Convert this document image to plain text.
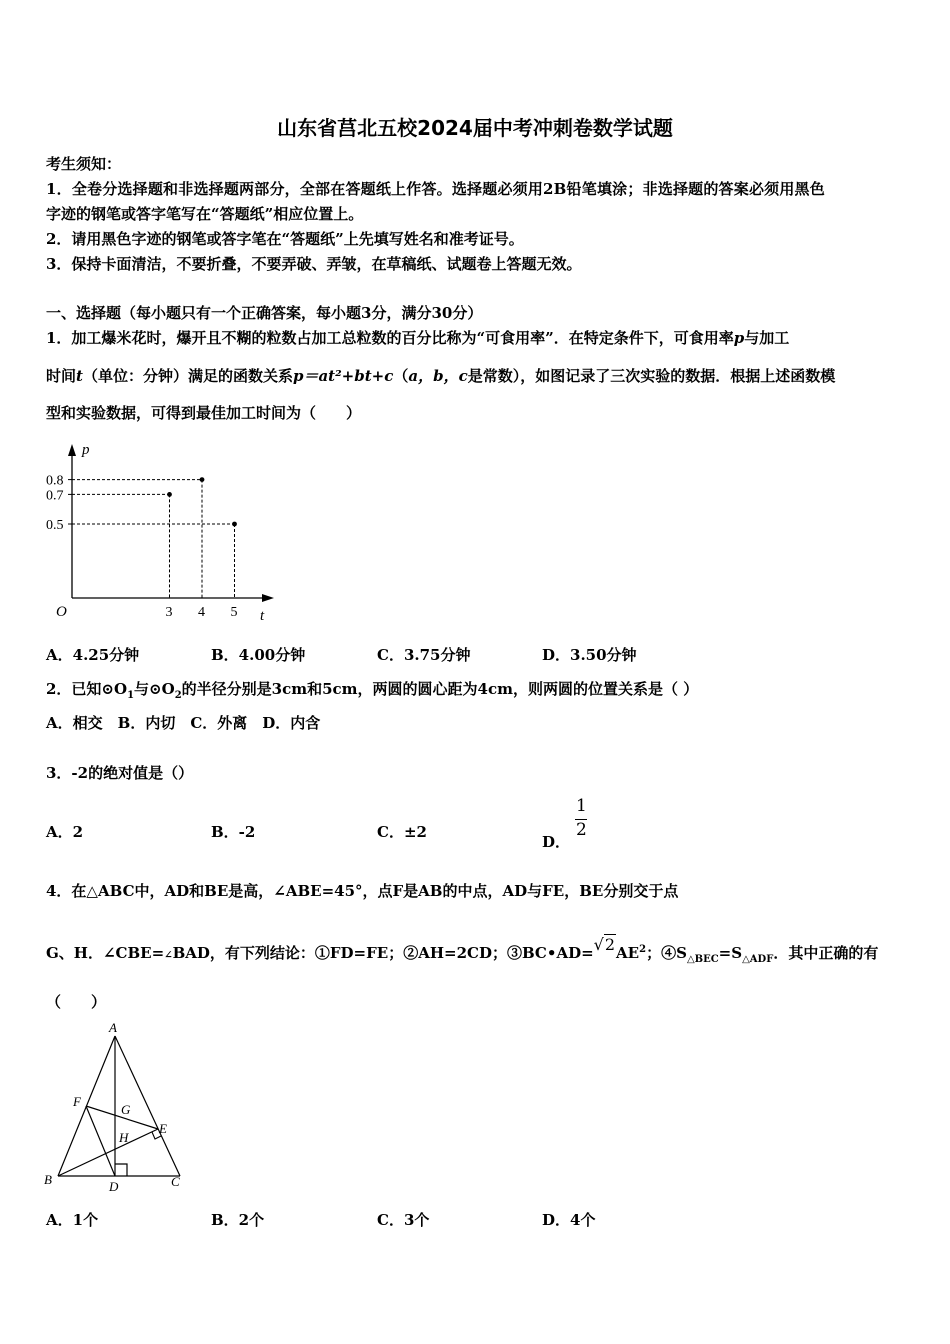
山东省莒北五校2024届中考冲刺卷数学试题
考生须知：
1．全卷分选择题和非选择题两部分，全部在答题纸上作答。选择题必须用2B铅笔填涂；非选择题的答案必须用黑色
字迹的钢笔或答字笔写在“答题纸”相应位置上。
2．请用黑色字迹的钢笔或答字笔在“答题纸”上先填写姓名和准考证号。
3．保持卡面清洁，不要折叠，不要弄破、弄皱，在草稿纸、试题卷上答题无效。
一、选择题（每小题只有一个正确答案，每小题3分，满分30分）
1．加工爆米花时，爆开且不糊的粒数占加工总粒数的百分比称为“可食用率”．在特定条件下，可食用率p与加工
时间t（单位：分钟）满足的函数关系p＝at²+bt+c（a，b，c是常数），如图记录了三次实验的数据．根据上述函数模
型和实验数据，可得到最佳加工时间为（　　）
p
t
O	3 4 5
0.5
0.7
0.8
A．4.25分钟	B．4.00分钟	C．3.75分钟	D．3.50分钟
2．已知$⊙O_1$与$⊙O_2$的半径分别是3cm和5cm，两圆的圆心距为4cm，则两圆的位置关系是（ ）
A．相交　B．内切　C．外离　D．内含
3．-2的绝对值是（）
A．2	B．-2	C．±2
D．
$\frac{1}{2}$
4．在△ABC中，AD和BE是高，∠ABE=45°，点F是AB的中点，AD与FE，BE分别交于点
G、H．∠CBE=∠BAD，有下列结论：①FD=FE；②AH=2CD；$③BC•AD=√2AE^2$；$④S_{\triangle BEC}=S_{\triangle ADF}$．其中正确的有
（　　）
A
B	C
D
E
F
G
H
A．1个	B．2个	C．3个	D．4个
